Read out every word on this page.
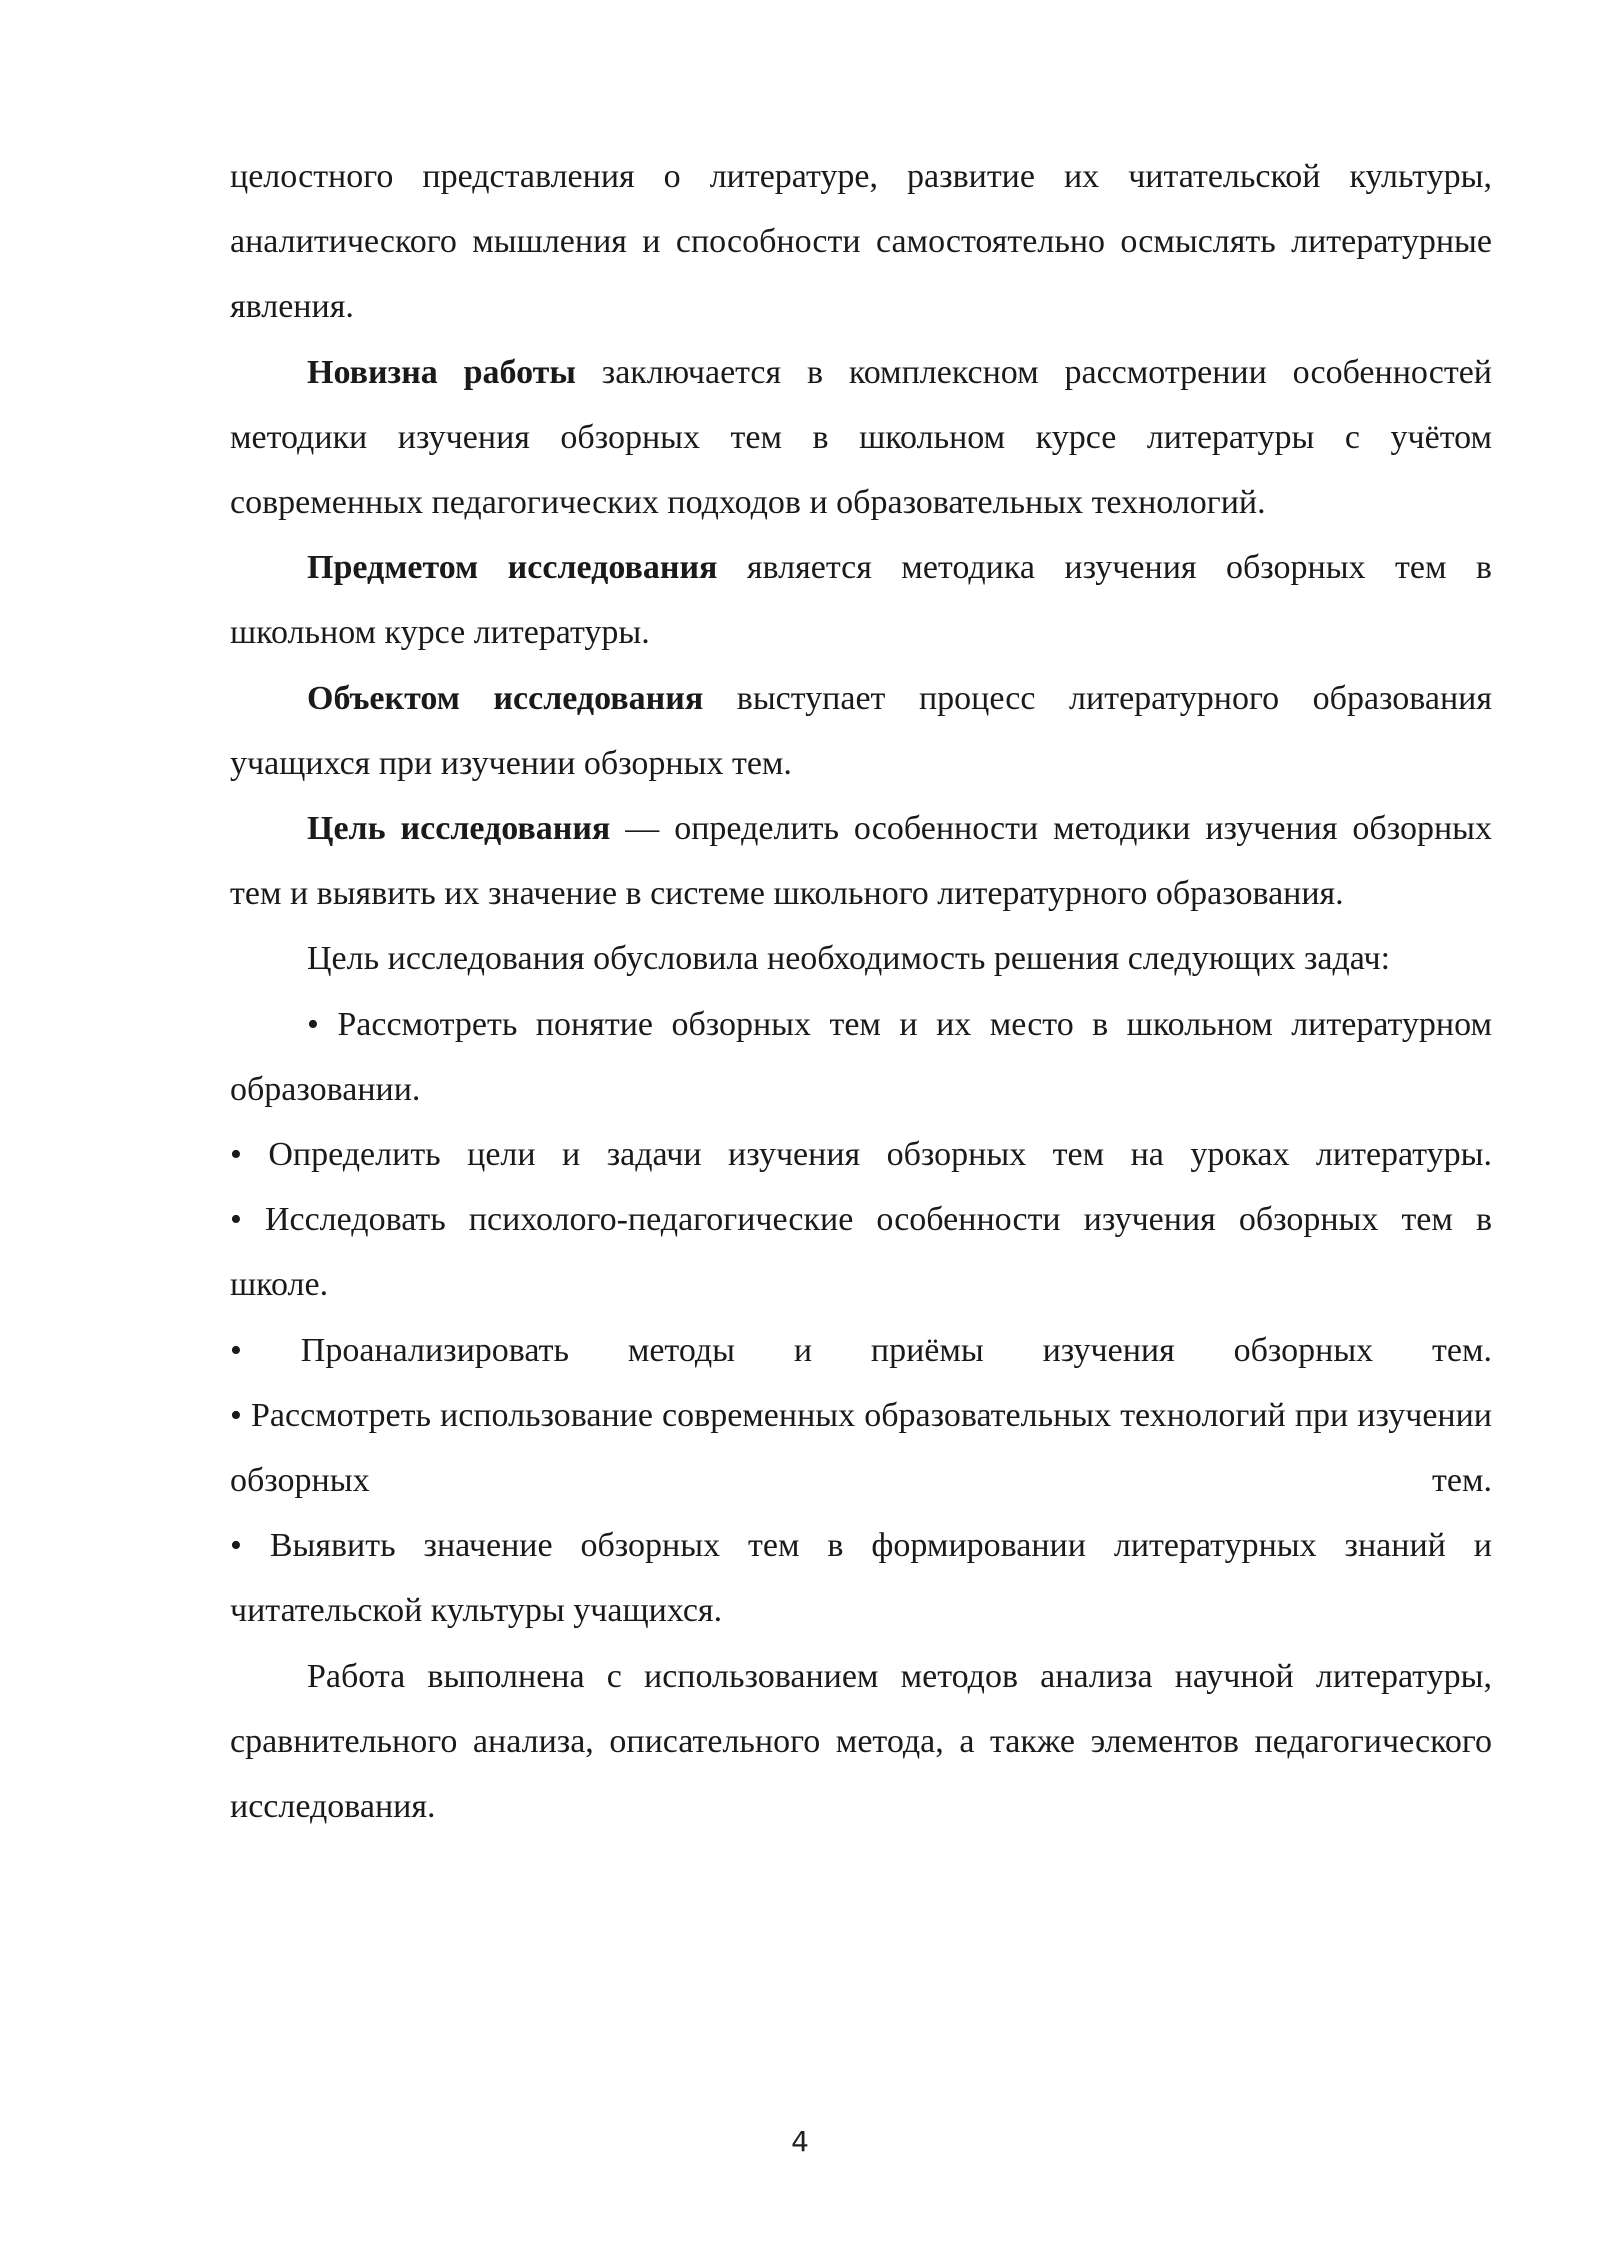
целостного представления о литературе, развитие их читательской культуры, аналитического мышления и способности самостоятельно осмыслять литературные явления.

Новизна работы заключается в комплексном рассмотрении особенностей методики изучения обзорных тем в школьном курсе литературы с учётом современных педагогических подходов и образовательных технологий.

Предметом исследования является методика изучения обзорных тем в школьном курсе литературы.

Объектом исследования выступает процесс литературного образования учащихся при изучении обзорных тем.

Цель исследования — определить особенности методики изучения обзорных тем и выявить их значение в системе школьного литературного образования.

Цель исследования обусловила необходимость решения следующих задач:

• Рассмотреть понятие обзорных тем и их место в школьном литературном образовании.

• Определить цели и задачи изучения обзорных тем на уроках литературы.

• Исследовать психолого-педагогические особенности изучения обзорных тем в школе.

• Проанализировать методы и приёмы изучения обзорных тем.

• Рассмотреть использование современных образовательных технологий при изучении обзорных тем.

• Выявить значение обзорных тем в формировании литературных знаний и читательской культуры учащихся.

Работа выполнена с использованием методов анализа научной литературы, сравнительного анализа, описательного метода, а также элементов педагогического исследования.

4
